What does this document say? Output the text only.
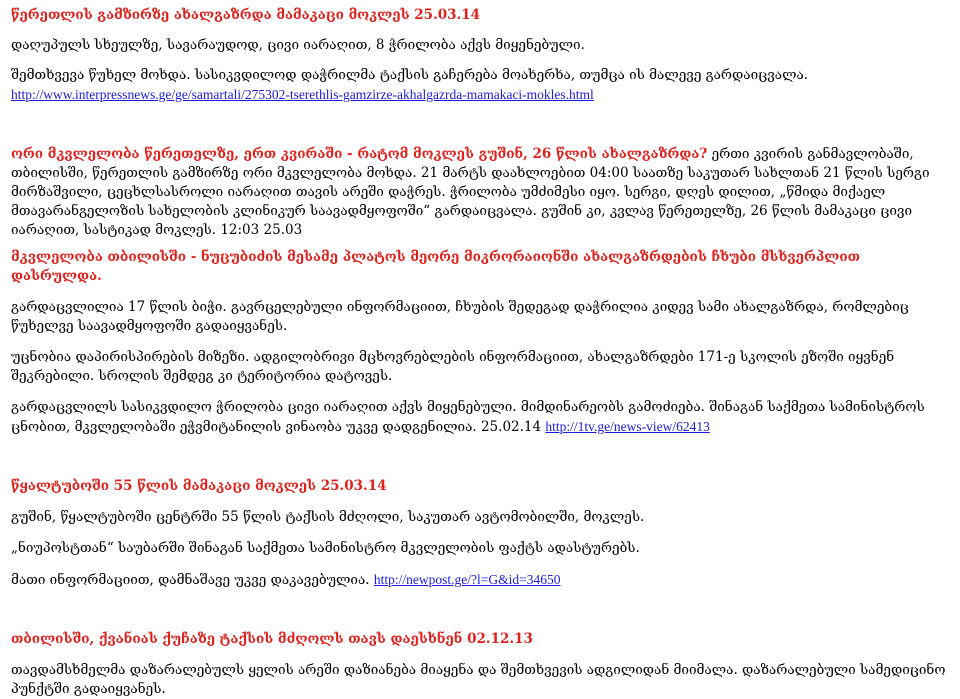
წერეთლის გამზირზე ახალგაზრდა მამაკაცი მოკლეს 25.03.14

დაღუპულს სხეულზე, სავარაუდოდ, ცივი იარაღით, 8 ჭრილობა აქვს მიყენებული.

შემთხვევა წუხელ მოხდა. სასიკვდილოდ დაჭრილმა ტაქსის გაჩერება მოახერხა, თუმცა ის მალევე გარდაიცვალა.

http://www.interpressnews.ge/ge/samartali/275302-tserethlis-gamzirze-akhalgazrda-mamakaci-mokles.html

ორი მკვლელობა წერეთელზე, ერთ კვირაში - რატომ მოკლეს გუშინ, 26 წლის ახალგაზრდა? ერთი კვირის განმავლობაში, თბილისში, წერეთლის გამზირზე ორი მკვლელობა მოხდა. 21 მარტს დაახლოებით 04:00 საათზე საკუთარ სახლთან 21 წლის სერგი მირზაშვილი, ცეცხლსასროლი იარაღით თავის არეში დაჭრეს. ჭრილობა უმძიმესი იყო. სერგი, დღეს დილით, „წმიდა მიქაელ მთავარანგელოზის სახელობის კლინიკურ საავადმყოფოში“ გარდაიცვალა. გუშინ კი, კვლავ წერეთელზე, 26 წლის მამაკაცი ცივი იარაღით, სასტიკად მოკლეს. 12:03 25.03

მკვლელობა თბილისში - ნუცუბიძის მესამე პლატოს მეორე მიკრორაიონში ახალგაზრდების ჩხუბი მსხვერპლით დასრულდა.

გარდაცვლილია 17 წლის ბიჭი. გავრცელებული ინფორმაციით, ჩხუბის შედეგად დაჭრილია კიდევ სამი ახალგაზრდა, რომლებიც წუხელვე საავადმყოფოში გადაიყვანეს.

უცნობია დაპირისპირების მიზეზი. ადგილობრივი მცხოვრებლების ინფორმაციით, ახალგაზრდები 171-ე სკოლის ეზოში იყვნენ შეკრებილი. სროლის შემდეგ კი ტერიტორია დატოვეს.

გარდაცვლილს სასიკვდილო ჭრილობა ცივი იარაღით აქვს მიყენებული. მიმდინარეობს გამოძიება. შინაგან საქმეთა სამინისტროს ცნობით, მკვლელობაში ეჭვმიტანილის ვინაობა უკვე დადგენილია. 25.02.14 http://1tv.ge/news-view/62413

წყალტუბოში 55 წლის მამაკაცი მოკლეს 25.03.14

გუშინ, წყალტუბოში ცენტრში 55 წლის ტაქსის მძღოლი, საკუთარ ავტომობილში, მოკლეს.

„ნიუპოსტთან“ საუბარში შინაგან საქმეთა სამინისტრო მკვლელობის ფაქტს ადასტურებს.

მათი ინფორმაციით, დამნაშავე უკვე დაკავებულია. http://newpost.ge/?l=G&id=34650

თბილისში, ქვანიას ქუჩაზე ტაქსის მძღოლს თავს დაესხნენ 02.12.13

თავდამსხმელმა დაზარალებულს ყელის არეში დაზიანება მიაყენა და შემთხვევის ადგილიდან მიიმალა. დაზარალებული სამედიცინო პუნქტში გადაიყვანეს.
